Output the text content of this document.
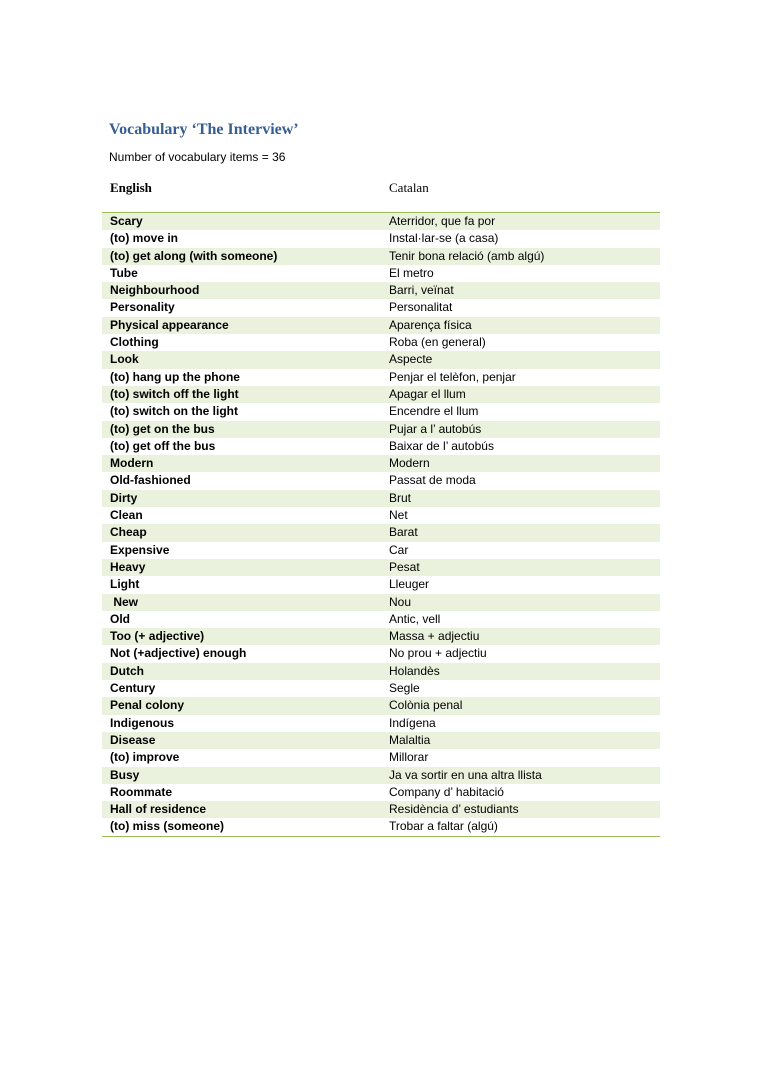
Vocabulary ‘The Interview’
Number of vocabulary items = 36
English	Catalan
Scary	Aterridor, que fa por
(to) move in	Instal·lar-se (a casa)
(to) get along (with someone)	Tenir bona relació (amb algú)
Tube	El metro
Neighbourhood	Barri, veïnat
Personality	Personalitat
Physical appearance	Aparença física
Clothing	Roba (en general)
Look	Aspecte
(to) hang up the phone	Penjar el telèfon, penjar
(to) switch off the light	Apagar el llum
(to) switch on the light	Encendre el llum
(to) get on the bus	Pujar a l’ autobús
(to) get off the bus	Baixar de l’ autobús
Modern	Modern
Old-fashioned	Passat de moda
Dirty	Brut
Clean	Net
Cheap	Barat
Expensive	Car
Heavy	Pesat
Light	Lleuger
New	Nou
Old	Antic, vell
Too (+ adjective)	Massa + adjectiu
Not (+adjective) enough	No prou + adjectiu
Dutch	Holandès
Century	Segle
Penal colony	Colònia penal
Indigenous	Indígena
Disease	Malaltia
(to) improve	Millorar
Busy	Ja va sortir en una altra llista
Roommate	Company d’ habitació
Hall of residence	Residència d’ estudiants
(to) miss (someone)	Trobar a faltar (algú)
